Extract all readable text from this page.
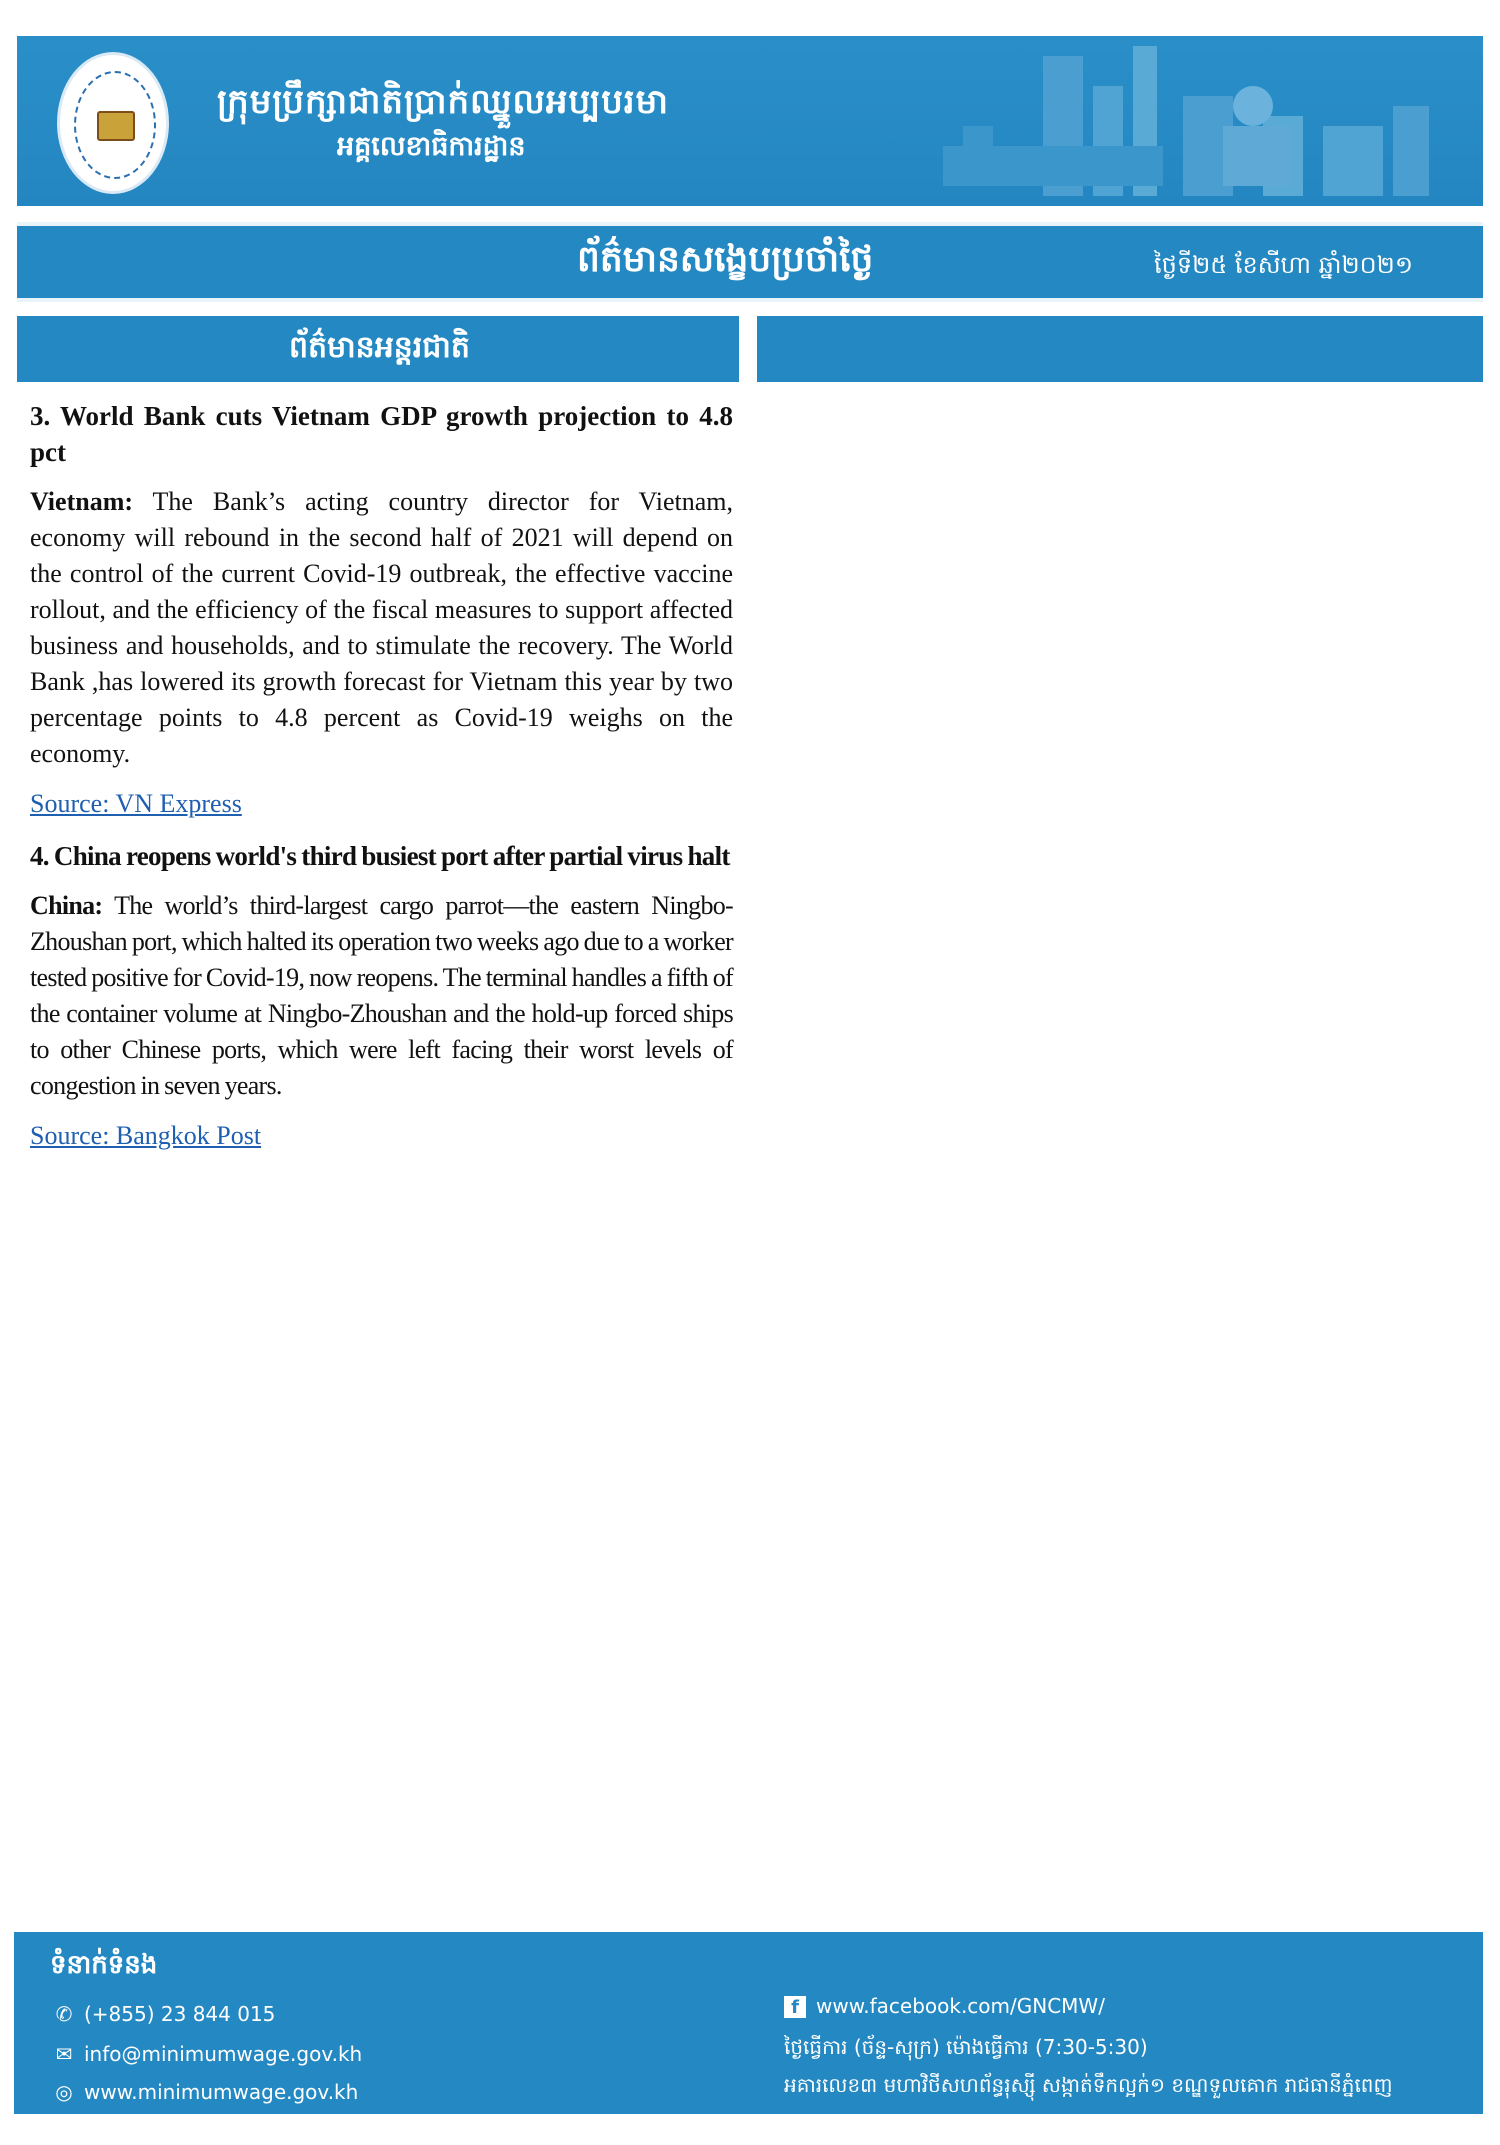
ក្រុមប្រឹក្សាជាតិប្រាក់ឈ្នួលអប្បបរមា
អគ្គលេខាធិការដ្ឋាន
ព័ត៌មានសង្ខេបប្រចាំថ្ងៃ	ថ្ងៃទី២៥ ខែសីហា ឆ្នាំ២០២១
ព័ត៌មានអន្តរជាតិ
3. World Bank cuts Vietnam GDP growth projection to 4.8 pct

Vietnam: The Bank’s acting country director for Vietnam, economy will rebound in the second half of 2021 will depend on the control of the current Covid-19 outbreak, the effective vaccine rollout, and the efficiency of the fiscal measures to support affected business and households, and to stimulate the recovery. The World Bank ,has lowered its growth forecast for Vietnam this year by two percentage points to 4.8 percent as Covid-19 weighs on the economy.

Source: VN Express

4. China reopens world's third busiest port after partial virus halt

China: The world’s third-largest cargo parrot—the eastern Ningbo-Zhoushan port, which halted its operation two weeks ago due to a worker tested positive for Covid-19, now reopens. The terminal handles a fifth of the container volume at Ningbo-Zhoushan and the hold-up forced ships to other Chinese ports, which were left facing their worst levels of congestion in seven years.

Source: Bangkok Post

ទំនាក់ទំនង
✆ (+855) 23 844 015
✉ info@minimumwage.gov.kh
◎ www.minimumwage.gov.kh
f www.facebook.com/GNCMW/
ថ្ងៃធ្វើការ (ច័ន្ទ-សុក្រ) ម៉ោងធ្វើការ (7:30-5:30)
អគារលេខ៣ មហាវិថីសហព័ន្ធរុស្ស៊ី សង្កាត់ទឹកល្អក់១ ខណ្ឌទួលគោក រាជធានីភ្នំពេញ
